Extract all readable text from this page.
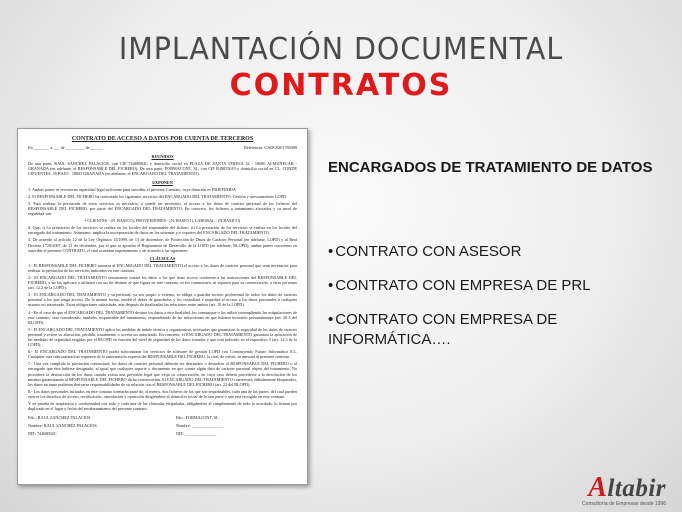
IMPLANTACIÓN DOCUMENTAL
CONTRATOS
CONTRATO DE ACCESO A DATOS POR CUENTA DE TERCEROS
En _______, a ___ de _________ de ______	Referencia: CADC0201780489
REUNIDOS

De una parte, RAUL SANCHEZ PALACIOS, con CIF 74468092C y domicilio social en PLAZA DE SANTA TERESA 32 - 18690 ALMUÑECAR - GRANADA (en adelante, el RESPONSABLE DEL FICHERO). De otra parte, FORMACONT, SL, con CIF B18055019 y domicilio social en CL. CONDE CIFUENTES, 35 BAJO - 18005 GRANADA (en adelante, el ENCARGADO DEL TRATAMIENTO).

EXPONEN

1. Ambas partes se reconocen capacidad legal suficiente para suscribir el presente Contrato, cuya duración es INDEFINIDA.

2. El RESPONSABLE DEL FICHERO ha contratado los siguientes servicios del ENCARGADO DEL TRATAMIENTO: Gestión y asesoramiento LOPD.

3. Para realizar la prestación de estos servicios es necesario, o puede ser necesario, el acceso a los datos de carácter personal de los ficheros del RESPONSABLE DEL FICHERO, por parte del ENCARGADO DEL TRATAMIENTO. En concreto, los ficheros a tratamiento afectados y su nivel de seguridad son:

• CLIENTES - (N. BASICO), PROVEEDORES - (N. BASICO), LABORAL - (N.BASICO)

4. Que: i) La prestación de los servicios se realiza en los locales del responsable del fichero. ii) La prestación de los servicios se realiza en los locales del encargado del tratamiento. Asimismo, implica la incorporación de datos en los sistemas y/o soportes del ENCARGADO DEL TRATAMIENTO.

5. De acuerdo al artículo 12 de la Ley Orgánica 15/1999, de 13 de diciembre, de Protección de Datos de Carácter Personal (en adelante, LOPD) y al Real Decreto 1720/2007, de 21 de diciembre, por el que se aprueba el Reglamento de Desarrollo de la LOPD (en adelante, RLOPD), ambas partes convienen en suscribir el presente CONTRATO, el cual acuerdan expresamente y de acuerdo a las siguientes:

CLÁUSULAS

1.- El RESPONSABLE DEL FICHERO autoriza al ENCARGADO DEL TRATAMIENTO el acceso a los datos de carácter personal que sean necesarios para realizar la prestación de los servicios indicados en este contrato.

2.- El ENCARGADO DEL TRATAMIENTO únicamente tratará los datos a los que tiene acceso conforme a las instrucciones del RESPONSABLE DEL FICHERO, y no los aplicará o utilizará con un fin distinto al que figura en este contrato, ni los comunicará, ni siquiera para su conservación, a otras personas (art. 12.2 de la LOPD).

3.- El ENCARGADO DEL TRATAMIENTO y su personal, ya sea propio o externo, se obliga a guardar secreto profesional de todos los datos de carácter personal a los que tenga acceso. De la misma forma, tendrá el deber de guardarlos y los custodiará e impedirá el acceso a los datos personales a cualquier usuario no autorizado. Estas obligaciones subsistirán, aún después de finalizadas las relaciones entre ambos (art. 10 de la LOPD).

4.- En el caso de que el ENCARGADO DEL TRATAMIENTO destine los datos a otra finalidad, los comunique o los utilice incumpliendo las estipulaciones de este contrato, será considerado, también, responsable del tratamiento, respondiendo de las infracciones en que hubiera incurrido personalmente (art. 20.3 del RLOPD).

5.- El ENCARGADO DEL TRATAMIENTO aplica las medidas de índole técnica y organizativas necesarias que garanticen la seguridad de los datos de carácter personal y eviten su alteración, pérdida, tratamiento o acceso no autorizado. En concreto, el ENCARGADO DEL TRATAMIENTO garantiza la aplicación de las medidas de seguridad exigidas por el RLOPD en función del nivel de seguridad de los datos tratados y que está indicado en el expositivo 3 (art. 12.3 de la LOPD).

6.- El ENCARGADO DEL TRATAMIENTO podrá subcontratar los servicios de software de gestión LOPD con Construyendo Futuro Informático S.L. Cualquier otra subcontratación requerirá de la autorización expresa del RESPONSABLE DEL FICHERO, la cual, de existir, se anexará al presente contrato.

7.- Una vez cumplida la prestación contractual, los datos de carácter personal deberán ser destruidos o devueltos al RESPONSABLE DEL FICHERO o al encargado que éste hubiese designado, al igual que cualquier soporte o documento en que conste algún dato de carácter personal objeto del tratamiento. No procederá la destrucción de los datos cuando exista una previsión legal que exija su conservación, en cuyo caso deberá procederse a la devolución de los mismos garantizando al RESPONSABLE DEL FICHERO dicha conservación. El ENCARGADO DEL TRATAMIENTO conservará, debidamente bloqueados, los datos en tanto pudieran derivarse responsabilidades de su relación con el RESPONSABLE DEL FICHERO (art. 22 del RLOPD).

8.- Los datos personales incluidos en este contrato formarán parte de, al menos, dos ficheros de los que son responsables, cada una de las partes, del cual pueden ejercer los derechos de acceso, rectificación, cancelación y oposición dirigiéndose al domicilio social de la otra parte o que está recogido en este contrato.

Y en prueba de aceptación y conformidad con todo y cada una de las cláusulas estipuladas, obligándose al cumplimiento de todo lo acordado, lo firman por duplicado en el lugar y fecha del encabezamiento del presente contrato.

Fdo.: RAUL SANCHEZ PALACIOS

Nombre: RAUL SANCHEZ PALACIOS

NIF: 74468092C

Fdo.: FORMACONT, SL

Nombre: _______________

NIF: _______________

ENCARGADOS DE TRATAMIENTO DE DATOS
• CONTRATO CON ASESOR
• CONTRATO CON EMPRESA DE PRL
• CONTRATO CON EMPRESA DE INFORMÁTICA….
Altabir
Consultoría de Empresas desde 1996
